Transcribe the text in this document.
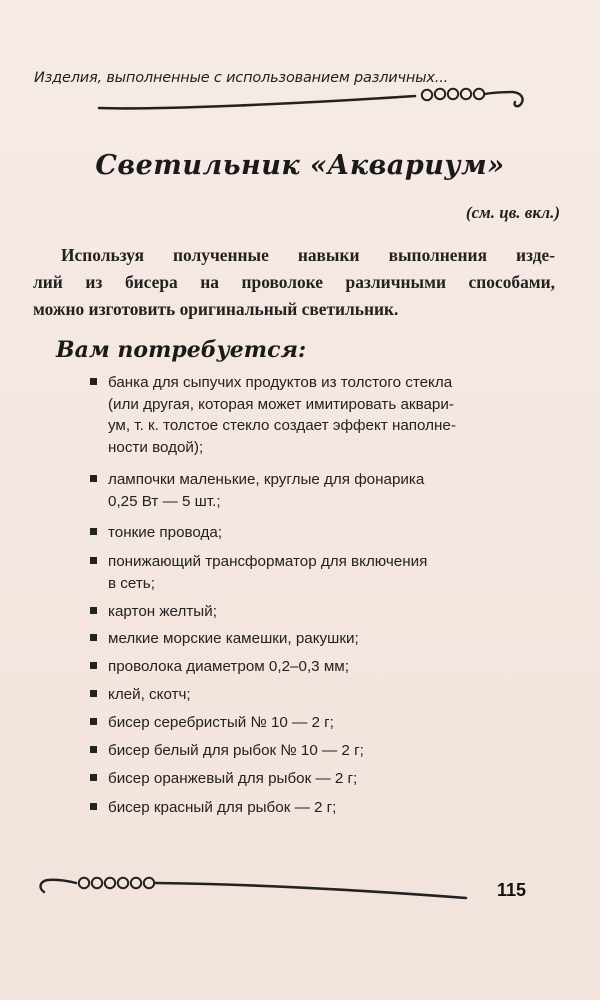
Изделия, выполненные с использованием различных...
Светильник «Аквариум»
(см. цв. вкл.)
Используя полученные навыки выполнения изде-
лий из бисера на проволоке различными способами,
можно изготовить оригинальный светильник.
Вам потребуется:
банка для сыпучих продуктов из толстого стекла
(или другая, которая может имитировать аквари-
ум, т. к. толстое стекло создает эффект наполне-
ности водой);
лампочки маленькие, круглые для фонарика
0,25 Вт — 5 шт.;
тонкие провода;
понижающий трансформатор для включения
в сеть;
картон желтый;
мелкие морские камешки, ракушки;
проволока диаметром 0,2–0,3 мм;
клей, скотч;
бисер серебристый № 10 — 2 г;
бисер белый для рыбок № 10 — 2 г;
бисер оранжевый для рыбок — 2 г;
бисер красный для рыбок — 2 г;
115
